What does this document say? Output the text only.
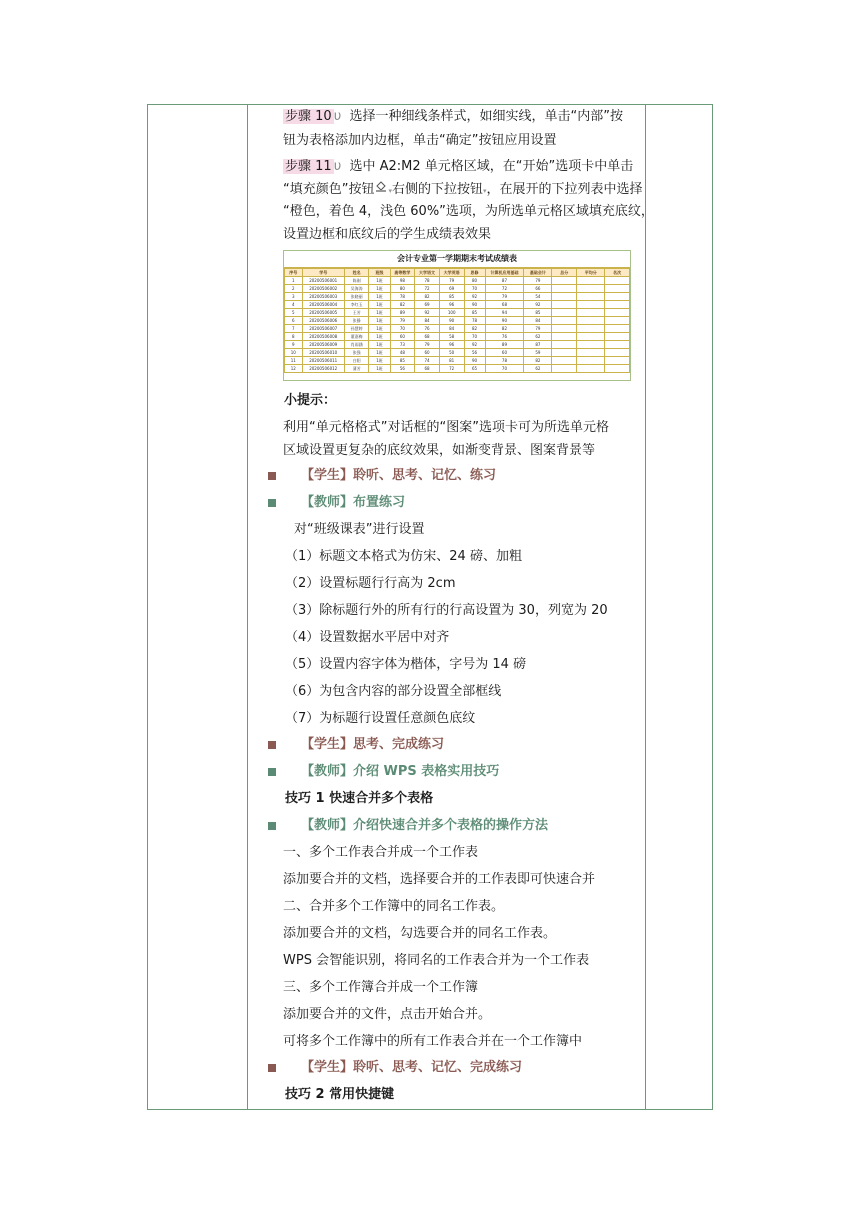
步骤 10 υ 选择一种细线条样式，如细实线，单击“内部”按
钮为表格添加内边框，单击“确定”按钮应用设置
步骤 11 υ 选中 A2:M2 单元格区域，在“开始”选项卡中单击
“填充颜色”按钮 ▾右侧的下拉按钮▾，在展开的下拉列表中选择
“橙色，着色 4，浅色 60%”选项，为所选单元格区域填充底纹，
设置边框和底纹后的学生成绩表效果
会计专业第一学期期末考试成绩表
序号	学号	姓名	班级	高等数学	大学语文	大学英语	思修	计算机应用基础	基础会计	总分	平均分	名次
1	20200506001	陈刚	1班	98	78	79	80	87	79			
2	20200506002	吴海涛	1班	80	72	69	70	72	66			
3	20200506003	张晓丽	1班	78	82	85	92	79	54			
4	20200506004	李红玉	1班	82	69	96	90	68	92			
5	20200506005	王芳	1班	89	92	100	85	94	85			
6	20200506006	张静	1班	79	84	90	78	90	84			
7	20200506007	孙慧婷	1班	70	76	84	82	82	79			
8	20200506008	董嘉梅	1班	60	68	58	70	76	62			
9	20200506009	肖雨涵	1班	73	79	96	92	89	87			
10	20200506010	张强	1班	48	60	50	56	60	59			
11	20200506011	白阳	1班	85	74	81	90	78	82			
12	20200506012	蒲芳	1班	56	68	72	65	70	62			
小提示：
利用“单元格格式”对话框的“图案”选项卡可为所选单元格
区域设置更复杂的底纹效果，如渐变背景、图案背景等
【学生】聆听、思考、记忆、练习
【教师】布置练习
对“班级课表”进行设置
（1）标题文本格式为仿宋、24 磅、加粗
（2）设置标题行行高为 2cm
（3）除标题行外的所有行的行高设置为 30，列宽为 20
（4）设置数据水平居中对齐
（5）设置内容字体为楷体，字号为 14 磅
（6）为包含内容的部分设置全部框线
（7）为标题行设置任意颜色底纹
【学生】思考、完成练习
【教师】介绍 WPS 表格实用技巧
技巧 1 快速合并多个表格
【教师】介绍快速合并多个表格的操作方法
一、多个工作表合并成一个工作表
添加要合并的文档，选择要合并的工作表即可快速合并
二、合并多个工作簿中的同名工作表。
添加要合并的文档，勾选要合并的同名工作表。
WPS 会智能识别，将同名的工作表合并为一个工作表
三、多个工作簿合并成一个工作簿
添加要合并的文件，点击开始合并。
可将多个工作簿中的所有工作表合并在一个工作簿中
【学生】聆听、思考、记忆、完成练习
技巧 2 常用快捷键
